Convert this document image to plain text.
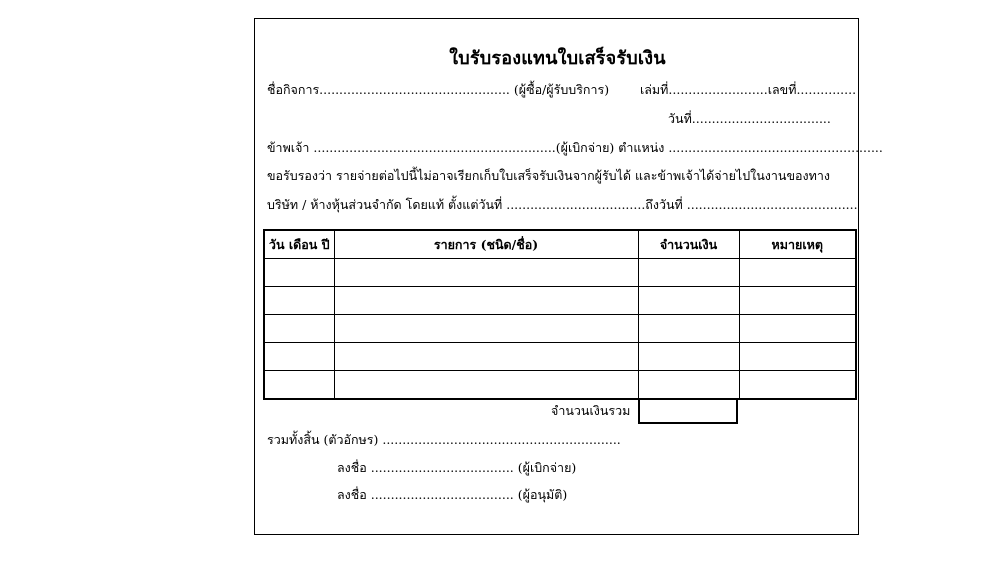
ใบรับรองแทนใบเสร็จรับเงิน
ชื่อกิจการ................................................ (ผู้ซื้อ/ผู้รับบริการ) เล่มที่.........................เลขที่...............
วันที่...................................
ข้าพเจ้า .............................................................(ผู้เบิกจ่าย) ตำแหน่ง ......................................................
ขอรับรองว่า รายจ่ายต่อไปนี้ไม่อาจเรียกเก็บใบเสร็จรับเงินจากผู้รับได้ และข้าพเจ้าได้จ่ายไปในงานของทาง
บริษัท / ห้างหุ้นส่วนจำกัด โดยแท้ ตั้งแต่วันที่ ...................................ถึงวันที่ ...........................................
วัน เดือน ปี	รายการ (ชนิด/ชื่อ)	จำนวนเงิน	หมายเหตุ

จำนวนเงินรวม
รวมทั้งสิ้น (ตัวอักษร) ............................................................
ลงชื่อ .................................... (ผู้เบิกจ่าย)
ลงชื่อ .................................... (ผู้อนุมัติ)
